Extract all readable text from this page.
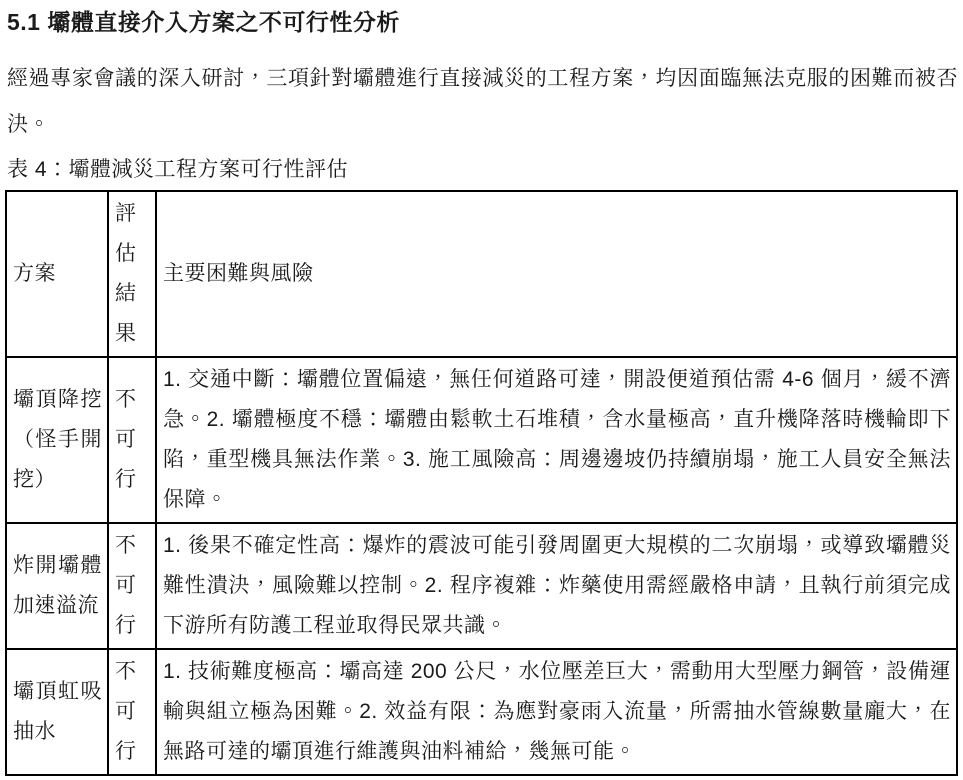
5.1 壩體直接介入方案之不可行性分析

經過專家會議的深入研討，三項針對壩體進行直接減災的工程方案，均因面臨無法克服的困難而被否決。

表 4：壩體減災工程方案可行性評估

方案	評估結果	主要困難與風險
壩頂降挖（怪手開挖）	不可行	1. 交通中斷：壩體位置偏遠，無任何道路可達，開設便道預估需 4-6 個月，緩不濟急。2. 壩體極度不穩：壩體由鬆軟土石堆積，含水量極高，直升機降落時機輪即下陷，重型機具無法作業。3. 施工風險高：周邊邊坡仍持續崩塌，施工人員安全無法保障。
炸開壩體加速溢流	不可行	1. 後果不確定性高：爆炸的震波可能引發周圍更大規模的二次崩塌，或導致壩體災難性潰決，風險難以控制。2. 程序複雜：炸藥使用需經嚴格申請，且執行前須完成下游所有防護工程並取得民眾共識。
壩頂虹吸抽水	不可行	1. 技術難度極高：壩高達 200 公尺，水位壓差巨大，需動用大型壓力鋼管，設備運輸與組立極為困難。2. 效益有限：為應對豪雨入流量，所需抽水管線數量龐大，在無路可達的壩頂進行維護與油料補給，幾無可能。
